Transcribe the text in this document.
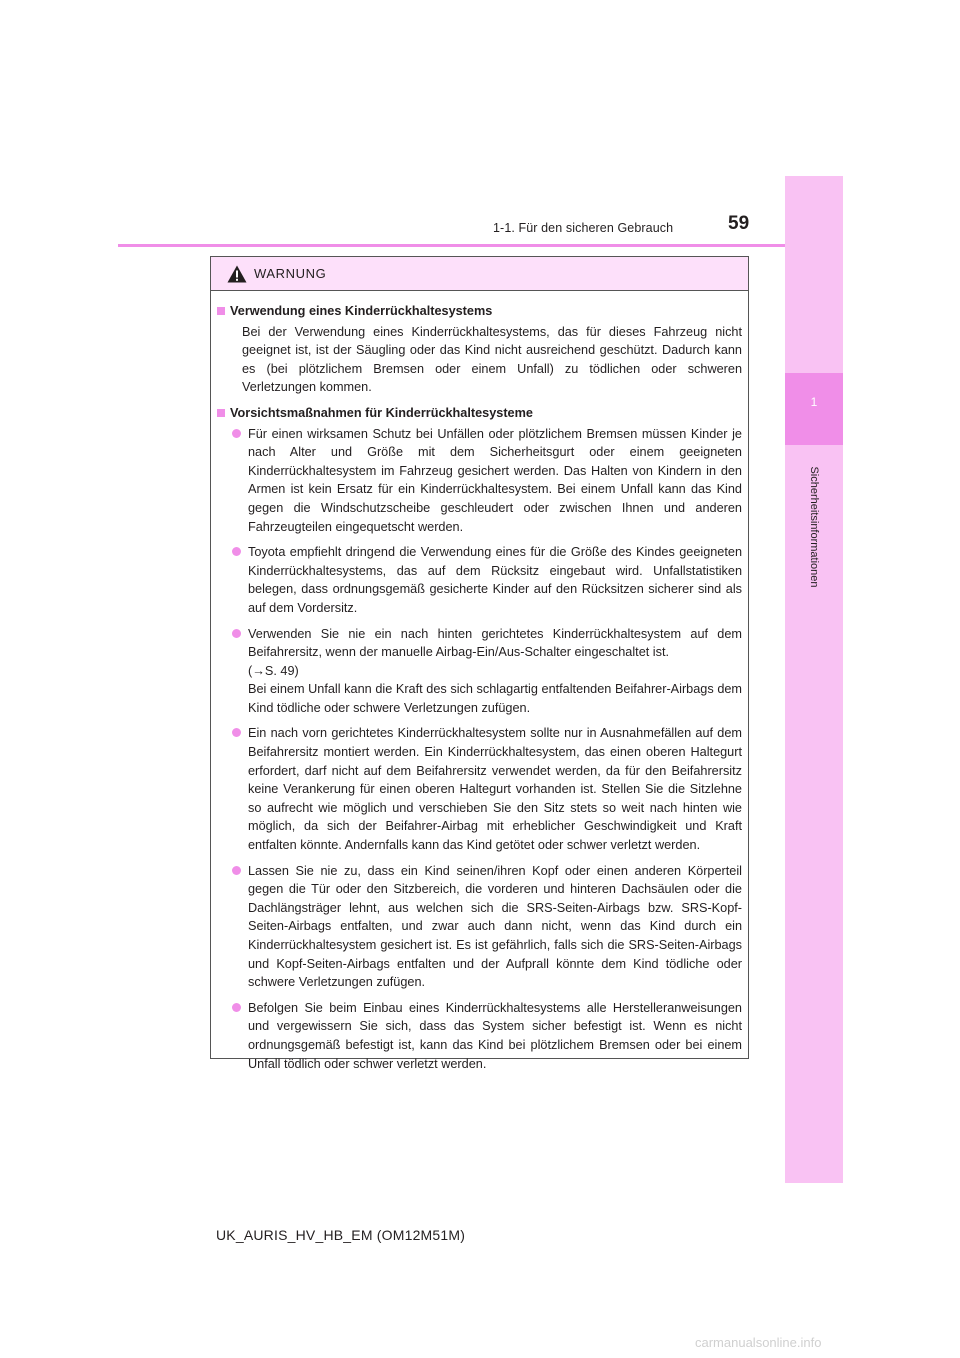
1-1. Für den sicheren Gebrauch	59
1
Sicherheitsinformationen
WARNUNG
Verwendung eines Kinderrückhaltesystems

Bei der Verwendung eines Kinderrückhaltesystems, das für dieses Fahrzeug nicht geeignet ist, ist der Säugling oder das Kind nicht ausreichend geschützt. Dadurch kann es (bei plötzlichem Bremsen oder einem Unfall) zu tödlichen oder schweren Verletzungen kommen.

Vorsichtsmaßnahmen für Kinderrückhaltesysteme
Für einen wirksamen Schutz bei Unfällen oder plötzlichem Bremsen müssen Kinder je nach Alter und Größe mit dem Sicherheitsgurt oder einem geeigneten Kinderrückhaltesystem im Fahrzeug gesichert werden. Das Halten von Kindern in den Armen ist kein Ersatz für ein Kinderrückhaltesystem. Bei einem Unfall kann das Kind gegen die Windschutzscheibe geschleudert oder zwischen Ihnen und anderen Fahrzeugteilen eingequetscht werden.
Toyota empfiehlt dringend die Verwendung eines für die Größe des Kindes geeigneten Kinderrückhaltesystems, das auf dem Rücksitz eingebaut wird. Unfallstatistiken belegen, dass ordnungsgemäß gesicherte Kinder auf den Rücksitzen sicherer sind als auf dem Vordersitz.
Verwenden Sie nie ein nach hinten gerichtetes Kinderrückhaltesystem auf dem Beifahrersitz, wenn der manuelle Airbag-Ein/Aus-Schalter eingeschaltet ist.
(→S. 49)
Bei einem Unfall kann die Kraft des sich schlagartig entfaltenden Beifahrer-Airbags dem Kind tödliche oder schwere Verletzungen zufügen.
Ein nach vorn gerichtetes Kinderrückhaltesystem sollte nur in Ausnahmefällen auf dem Beifahrersitz montiert werden. Ein Kinderrückhaltesystem, das einen oberen Haltegurt erfordert, darf nicht auf dem Beifahrersitz verwendet werden, da für den Beifahrersitz keine Verankerung für einen oberen Haltegurt vorhanden ist. Stellen Sie die Sitzlehne so aufrecht wie möglich und verschieben Sie den Sitz stets so weit nach hinten wie möglich, da sich der Beifahrer-Airbag mit erheblicher Geschwindigkeit und Kraft entfalten könnte. Andernfalls kann das Kind getötet oder schwer verletzt werden.
Lassen Sie nie zu, dass ein Kind seinen/ihren Kopf oder einen anderen Körperteil gegen die Tür oder den Sitzbereich, die vorderen und hinteren Dachsäulen oder die Dachlängsträger lehnt, aus welchen sich die SRS-Seiten-Airbags bzw. SRS-Kopf-Seiten-Airbags entfalten, und zwar auch dann nicht, wenn das Kind durch ein Kinderrückhaltesystem gesichert ist. Es ist gefährlich, falls sich die SRS-Seiten-Airbags und Kopf-Seiten-Airbags entfalten und der Aufprall könnte dem Kind tödliche oder schwere Verletzungen zufügen.
Befolgen Sie beim Einbau eines Kinderrückhaltesystems alle Herstelleranweisungen und vergewissern Sie sich, dass das System sicher befestigt ist. Wenn es nicht ordnungsgemäß befestigt ist, kann das Kind bei plötzlichem Bremsen oder bei einem Unfall tödlich oder schwer verletzt werden.
UK_AURIS_HV_HB_EM (OM12M51M)
carmanualsonline.info
